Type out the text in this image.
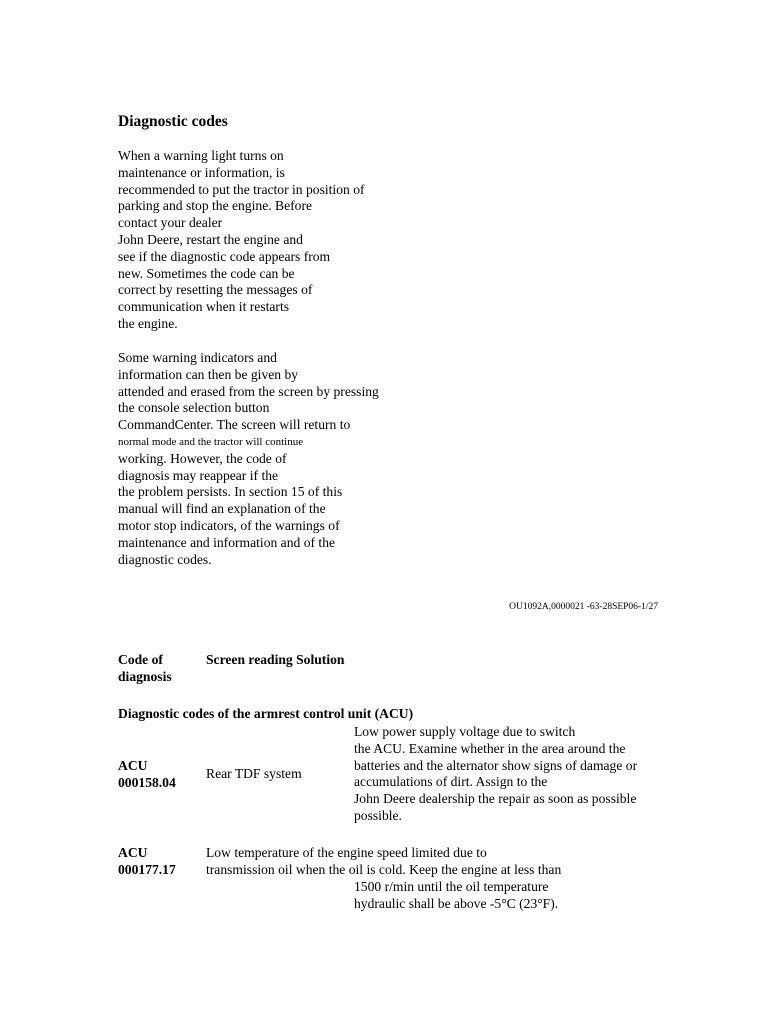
Diagnostic codes
When a warning light turns on
maintenance or information, is
recommended to put the tractor in position of
parking and stop the engine. Before
contact your dealer
John Deere, restart the engine and
see if the diagnostic code appears from
new. Sometimes the code can be
correct by resetting the messages of
communication when it restarts
the engine.
Some warning indicators and
information can then be given by
attended and erased from the screen by pressing
the console selection button
CommandCenter. The screen will return to
normal mode and the tractor will continue
working. However, the code of
diagnosis may reappear if the
the problem persists. In section 15 of this
manual will find an explanation of the
motor stop indicators, of the warnings of
maintenance and information and of the
diagnostic codes.
OU1092A,0000021 -63-28SEP06-1/27
Code of
diagnosis
Screen reading Solution
Diagnostic codes of the armrest control unit (ACU)
ACU
000158.04
Rear TDF system
Low power supply voltage due to switch
the ACU. Examine whether in the area around the
batteries and the alternator show signs of damage or
accumulations of dirt. Assign to the
John Deere dealership the repair as soon as possible
possible.
ACU
000177.17
Low temperature of the engine speed limited due to
transmission oil when the oil is cold. Keep the engine at less than
1500 r/min until the oil temperature
hydraulic shall be above -5°C (23°F).
